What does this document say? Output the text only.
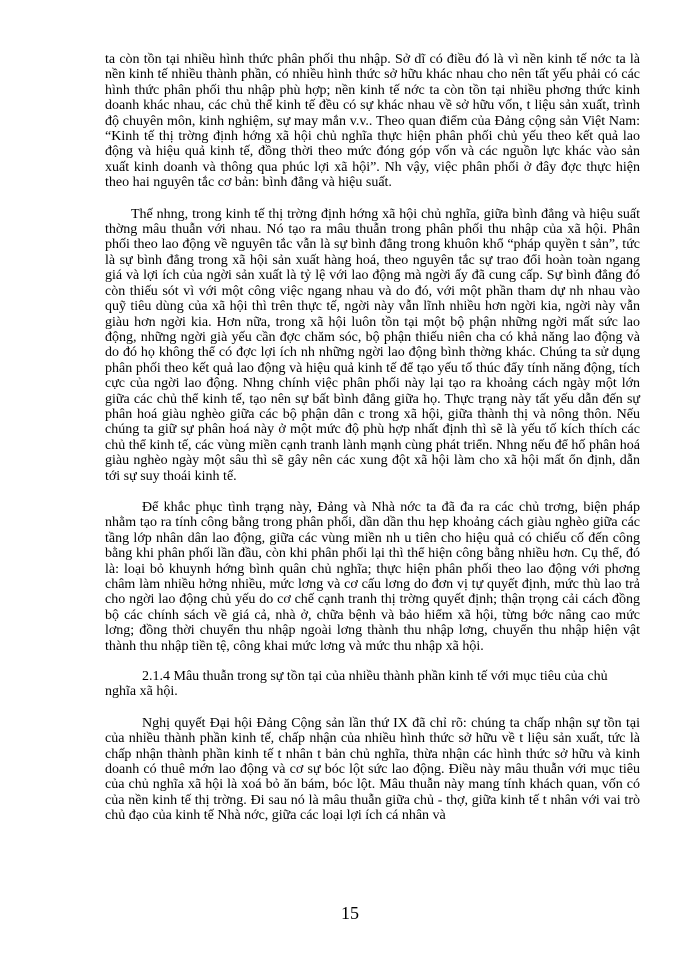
ta còn tồn tại nhiều hình thức phân phối thu nhập. Sở dĩ có điều đó là vì nền kinh tế nớc ta là nền kinh tế nhiều thành phần, có nhiều hình thức sở hữu khác nhau cho nên tất yếu phải có các hình thức phân phối thu nhập phù hợp; nền kinh tế nớc ta còn tồn tại nhiều phơng thức kinh doanh khác nhau, các chủ thể kinh tế đều có sự khác nhau về sở hữu vốn, t liệu sản xuất, trình độ chuyên môn, kinh nghiệm, sự may mắn v.v.. Theo quan điểm của Đảng cộng sản Việt Nam: “Kinh tế thị trờng định hớng xã hội chủ nghĩa thực hiện phân phối chủ yếu theo kết quả lao động và hiệu quả kinh tế, đồng thời theo mức đóng góp vốn và các nguồn lực khác vào sản xuất kinh doanh và thông qua phúc lợi xã hội”. Nh vậy, việc phân phối ở đây đợc thực hiện theo hai nguyên tắc cơ bản: bình đẳng và hiệu suất.

Thế nhng, trong kinh tế thị trờng định hớng xã hội chủ nghĩa, giữa bình đẳng và hiệu suất thờng mâu thuẫn với nhau. Nó tạo ra mâu thuẫn trong phân phối thu nhập của xã hội. Phân phối theo lao động về nguyên tắc vẫn là sự bình đẳng trong khuôn khổ “pháp quyền t sản”, tức là sự bình đẳng trong xã hội sản xuất hàng hoá, theo nguyên tắc sự trao đổi hoàn toàn ngang giá và lợi ích của ngời sản xuất là tỷ lệ với lao động mà ngời ấy đã cung cấp. Sự bình đẳng đó còn thiếu sót vì với một công việc ngang nhau và do đó, với một phần tham dự nh nhau vào quỹ tiêu dùng của xã hội thì trên thực tế, ngời này vẫn lĩnh nhiều hơn ngời kia, ngời này vẫn giàu hơn ngời kia. Hơn nữa, trong xã hội luôn tồn tại một bộ phận những ngời mất sức lao động, những ngời già yếu cần đợc chăm sóc, bộ phận thiếu niên cha có khả năng lao động và do đó họ không thể có đợc lợi ích nh những ngời lao động bình thờng khác. Chúng ta sử dụng phân phối theo kết quả lao động và hiệu quả kinh tế để tạo yếu tố thúc đẩy tính năng động, tích cực của ngời lao động. Nhng chính việc phân phối này lại tạo ra khoảng cách ngày một lớn giữa các chủ thể kinh tế, tạo nên sự bất bình đẳng giữa họ. Thực trạng này tất yếu dẫn đến sự phân hoá giàu nghèo giữa các bộ phận dân c trong xã hội, giữa thành thị và nông thôn. Nếu chúng ta giữ sự phân hoá này ở một mức độ phù hợp nhất định thì sẽ là yếu tố kích thích các chủ thể kinh tế, các vùng miền cạnh tranh lành mạnh cùng phát triển. Nhng nếu để hố phân hoá giàu nghèo ngày một sâu thì sẽ gây nên các xung đột xã hội làm cho xã hội mất ổn định, dẫn tới sự suy thoái kinh tế.

Để khắc phục tình trạng này, Đảng và Nhà nớc ta đã đa ra các chủ trơng, biện pháp nhằm tạo ra tính công bằng trong phân phối, dần dần thu hẹp khoảng cách giàu nghèo giữa các tầng lớp nhân dân lao động, giữa các vùng miền nh u tiên cho hiệu quả có chiếu cố đến công bằng khi phân phối lần đầu, còn khi phân phối lại thì thể hiện công bằng nhiều hơn. Cụ thể, đó là: loại bỏ khuynh hớng bình quân chủ nghĩa; thực hiện phân phối theo lao động với phơng châm làm nhiều hởng nhiều, mức lơng và cơ cấu lơng do đơn vị tự quyết định, mức thù lao trả cho ngời lao động chủ yếu do cơ chế cạnh tranh thị trờng quyết định; thận trọng cải cách đồng bộ các chính sách về giá cả, nhà ở, chữa bệnh và bảo hiểm xã hội, từng bớc nâng cao mức lơng; đồng thời chuyển thu nhập ngoài lơng thành thu nhập lơng, chuyển thu nhập hiện vật thành thu nhập tiền tệ, công khai mức lơng và mức thu nhập xã hội.

2.1.4 Mâu thuẫn trong sự tồn tại của nhiều thành phần kinh tế với mục tiêu của chủ nghĩa xã hội.

Nghị quyết Đại hội Đảng Cộng sản lần thứ IX đã chỉ rõ: chúng ta chấp nhận sự tồn tại của nhiều thành phần kinh tế, chấp nhận của nhiều hình thức sở hữu về t liệu sản xuất, tức là chấp nhận thành phần kinh tế t nhân t bản chủ nghĩa, thừa nhận các hình thức sở hữu và kinh doanh có thuê mớn lao động và cơ sự bóc lột sức lao động. Điều này mâu thuẫn với mục tiêu của chủ nghĩa xã hội là xoá bỏ ăn bám, bóc lột. Mâu thuẫn này mang tính khách quan, vốn có của nền kinh tế thị trờng. Đi sau nó là mâu thuẫn giữa chủ - thợ, giữa kinh tế t nhân với vai trò chủ đạo của kinh tế Nhà nớc, giữa các loại lợi ích cá nhân và

15
